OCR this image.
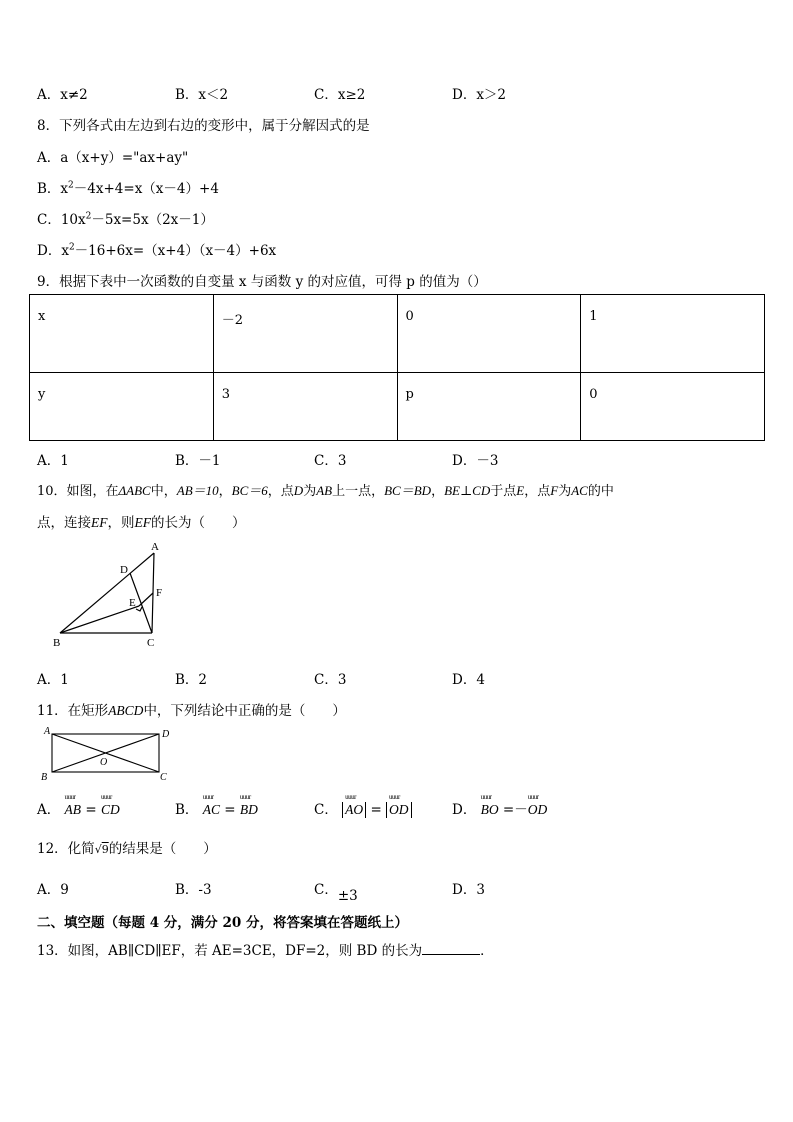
A．x≠2	B．x＜2	C．x≥2	D．x＞2
8．下列各式由左边到右边的变形中，属于分解因式的是
A．a（x+y）="ax+ay"
B．$x^2-4x+4=x(x-4)+4$
C．$10x^2-5x=5x(2x-1)$
D．$x^2-16+6x=(x+4)(x-4)+6x$
9．根据下表中一次函数的自变量 x 与函数 y 的对应值，可得 p 的值为（）
x	－2	0	1
y	3	p	0
A．1	B．－1	C．3	D．－3
10．如图，在ΔABC中，AB＝10，BC＝6，点D为AB上一点，BC＝BD，BE⊥CD于点E，点F为AC的中
点，连接EF，则EF的长为（　　）
A
B	C
D
E
F
A．1	B．2	C．3	D．4
11．在矩形ABCD中，下列结论中正确的是（　　）
A
B	C
D
O
A． uuur AB = uuur CD	B． uuur AC = uuur BD	C． uuur AO = uuur OD	D． uuur BO =－uuur OD
12．化简√9的结果是（　　）
A．9	B．-3	C．±3	D．3
二、填空题（每题 4 分，满分 20 分，将答案填在答题纸上）
13．如图，AB∥CD∥EF，若 AE=3CE，DF=2，则 BD 的长为	．
